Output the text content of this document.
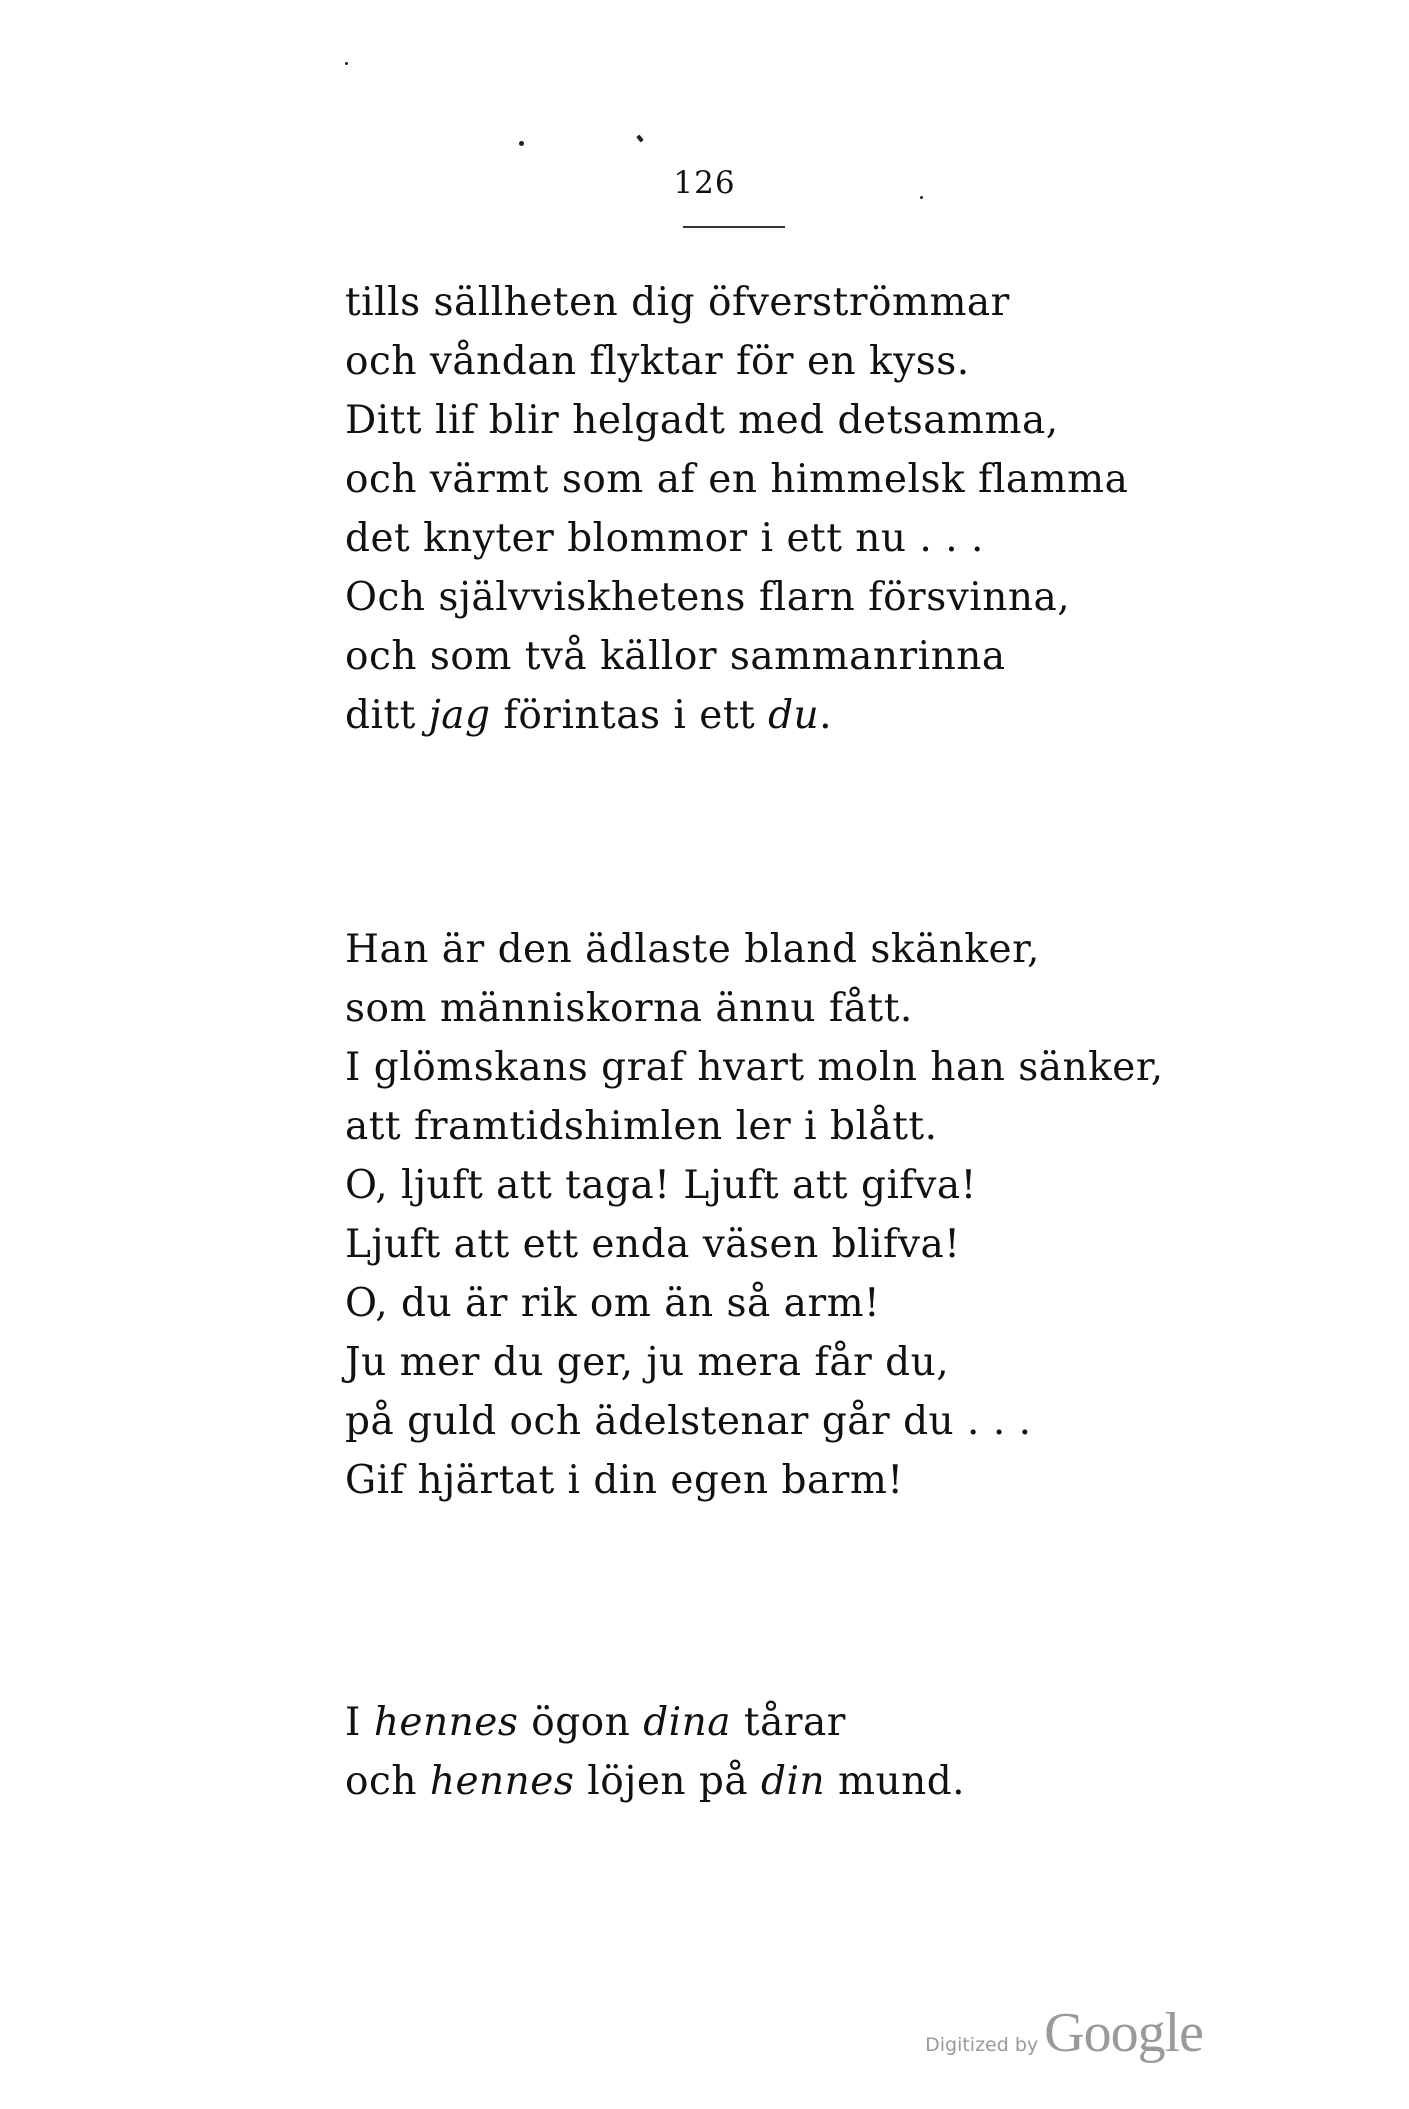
126
tills sällheten dig öfverströmmar
och våndan flyktar för en kyss.
Ditt lif blir helgadt med detsamma,
och värmt som af en himmelsk flamma
det knyter blommor i ett nu . . .
Och självviskhetens flarn försvinna,
och som två källor sammanrinna
ditt jag förintas i ett du.
Han är den ädlaste bland skänker,
som människorna ännu fått.
I glömskans graf hvart moln han sänker,
att framtidshimlen ler i blått.
O, ljuft att taga! Ljuft att gifva!
Ljuft att ett enda väsen blifva!
O, du är rik om än så arm!
Ju mer du ger, ju mera får du,
på guld och ädelstenar går du . . .
Gif hjärtat i din egen barm!
I hennes ögon dina tårar
och hennes löjen på din mund.
Digitized by Google
